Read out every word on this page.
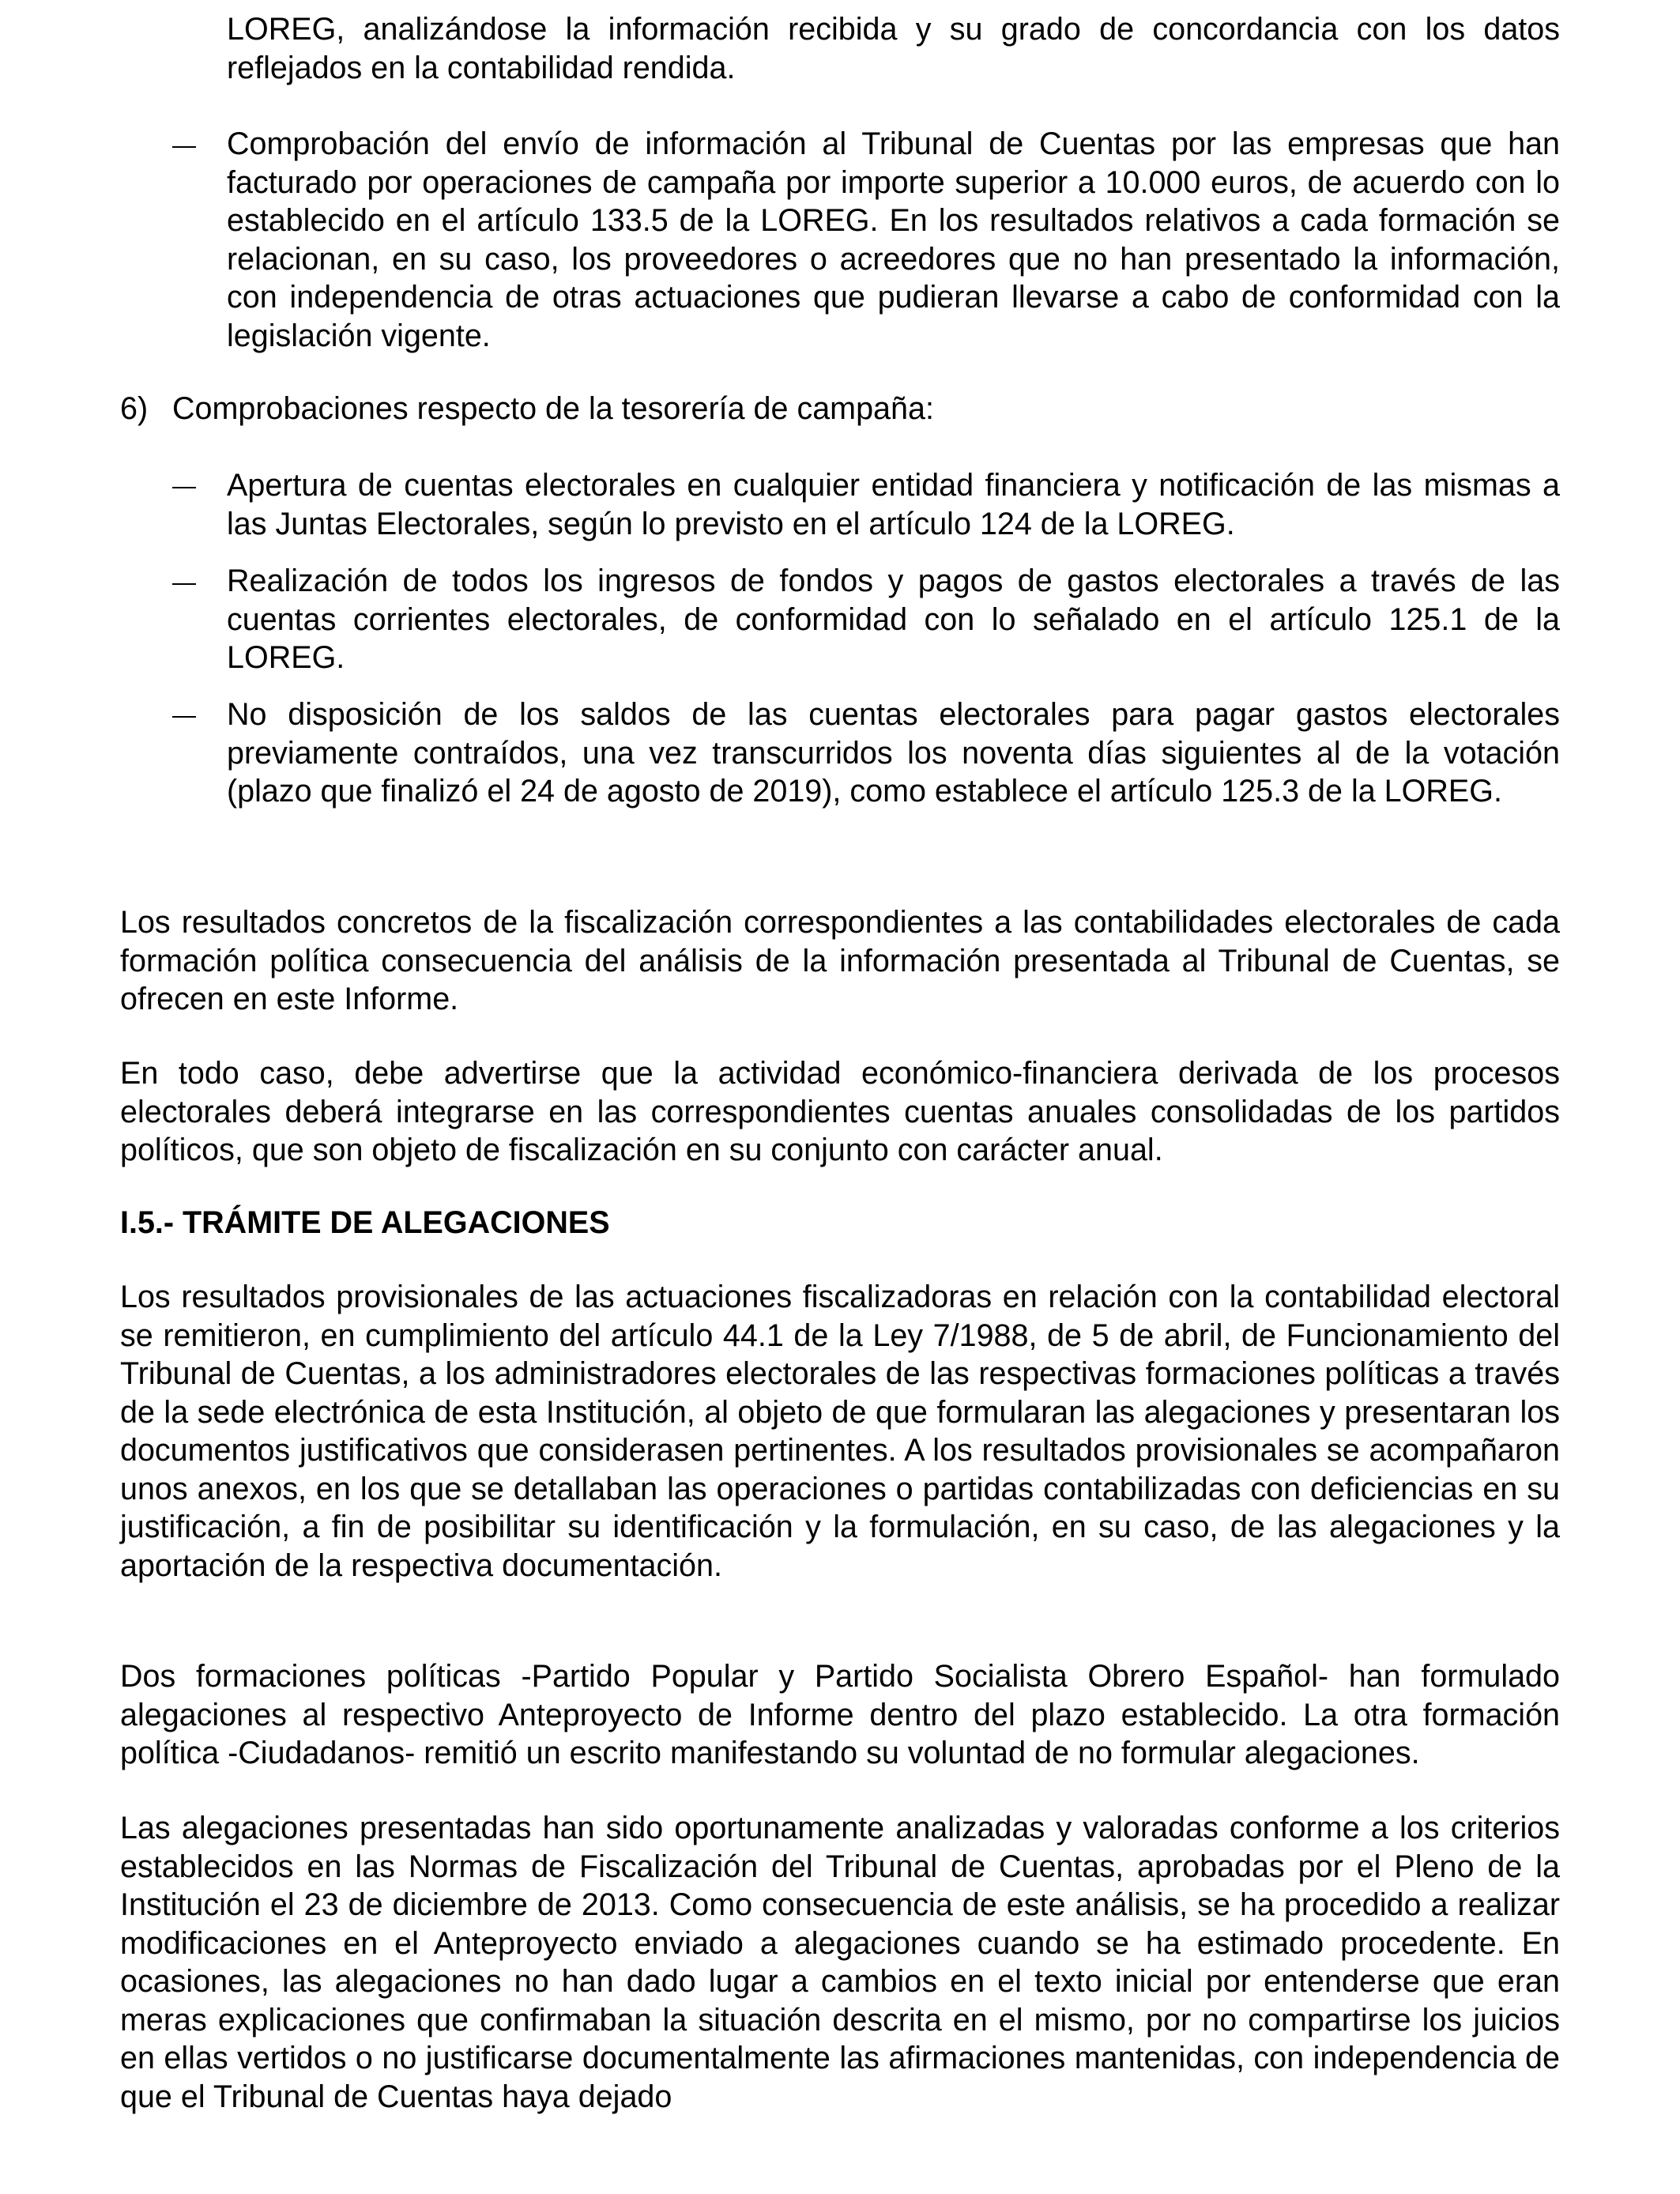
LOREG, analizándose la información recibida y su grado de concordancia con los datos reflejados en la contabilidad rendida.

Comprobación del envío de información al Tribunal de Cuentas por las empresas que han facturado por operaciones de campaña por importe superior a 10.000 euros, de acuerdo con lo establecido en el artículo 133.5 de la LOREG. En los resultados relativos a cada formación se relacionan, en su caso, los proveedores o acreedores que no han presentado la información, con independencia de otras actuaciones que pudieran llevarse a cabo de conformidad con la legislación vigente.

6) Comprobaciones respecto de la tesorería de campaña:

Apertura de cuentas electorales en cualquier entidad financiera y notificación de las mismas a las Juntas Electorales, según lo previsto en el artículo 124 de la LOREG.

Realización de todos los ingresos de fondos y pagos de gastos electorales a través de las cuentas corrientes electorales, de conformidad con lo señalado en el artículo 125.1 de la LOREG.

No disposición de los saldos de las cuentas electorales para pagar gastos electorales previamente contraídos, una vez transcurridos los noventa días siguientes al de la votación (plazo que finalizó el 24 de agosto de 2019), como establece el artículo 125.3 de la LOREG.

Los resultados concretos de la fiscalización correspondientes a las contabilidades electorales de cada formación política consecuencia del análisis de la información presentada al Tribunal de Cuentas, se ofrecen en este Informe.

En todo caso, debe advertirse que la actividad económico-financiera derivada de los procesos electorales deberá integrarse en las correspondientes cuentas anuales consolidadas de los partidos políticos, que son objeto de fiscalización en su conjunto con carácter anual.

I.5.- TRÁMITE DE ALEGACIONES

Los resultados provisionales de las actuaciones fiscalizadoras en relación con la contabilidad electoral se remitieron, en cumplimiento del artículo 44.1 de la Ley 7/1988, de 5 de abril, de Funcionamiento del Tribunal de Cuentas, a los administradores electorales de las respectivas formaciones políticas a través de la sede electrónica de esta Institución, al objeto de que formularan las alegaciones y presentaran los documentos justificativos que considerasen pertinentes. A los resultados provisionales se acompañaron unos anexos, en los que se detallaban las operaciones o partidas contabilizadas con deficiencias en su justificación, a fin de posibilitar su identificación y la formulación, en su caso, de las alegaciones y la aportación de la respectiva documentación.

Dos formaciones políticas -Partido Popular y Partido Socialista Obrero Español- han formulado alegaciones al respectivo Anteproyecto de Informe dentro del plazo establecido. La otra formación política -Ciudadanos- remitió un escrito manifestando su voluntad de no formular alegaciones.

Las alegaciones presentadas han sido oportunamente analizadas y valoradas conforme a los criterios establecidos en las Normas de Fiscalización del Tribunal de Cuentas, aprobadas por el Pleno de la Institución el 23 de diciembre de 2013. Como consecuencia de este análisis, se ha procedido a realizar modificaciones en el Anteproyecto enviado a alegaciones cuando se ha estimado procedente. En ocasiones, las alegaciones no han dado lugar a cambios en el texto inicial por entenderse que eran meras explicaciones que confirmaban la situación descrita en el mismo, por no compartirse los juicios en ellas vertidos o no justificarse documentalmente las afirmaciones mantenidas, con independencia de que el Tribunal de Cuentas haya dejado
